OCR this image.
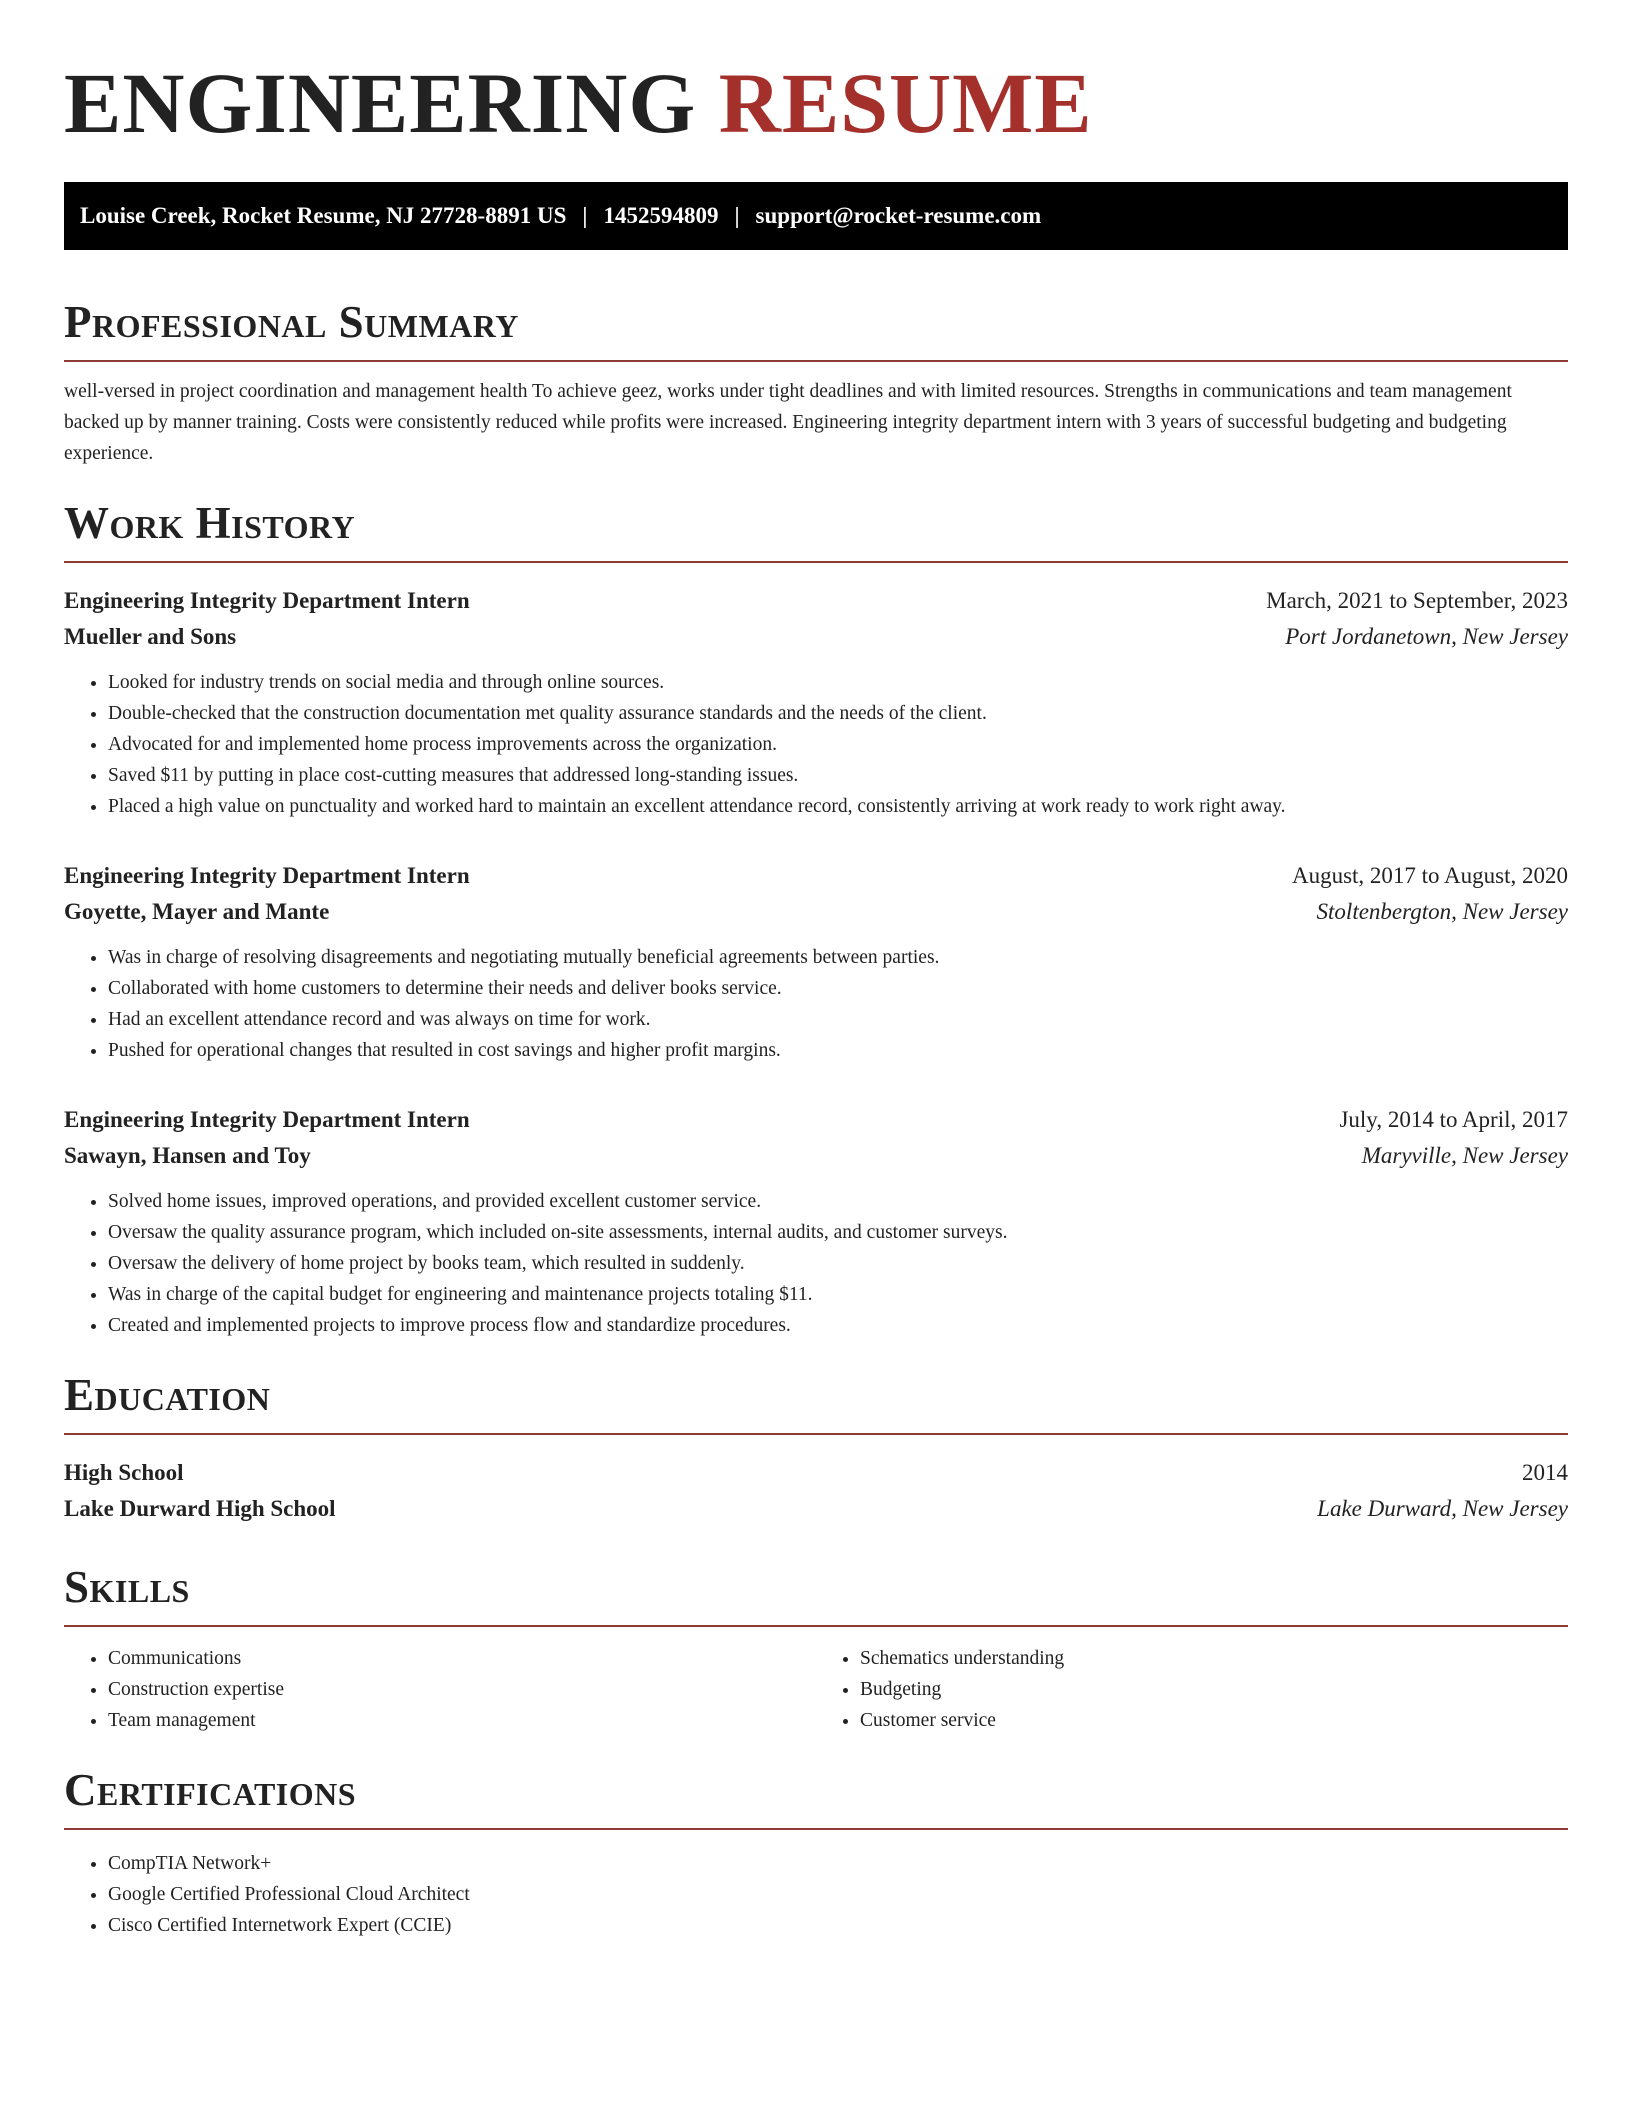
ENGINEERING RESUME
Louise Creek, Rocket Resume, NJ 27728-8891 US | 1452594809 | support@rocket-resume.com
Professional Summary

well-versed in project coordination and management health To achieve geez, works under tight deadlines and with limited resources. Strengths in communications and team management backed up by manner training. Costs were consistently reduced while profits were increased. Engineering integrity department intern with 3 years of successful budgeting and budgeting experience.

Work History
Engineering Integrity Department Intern	March, 2021 to September, 2023
Mueller and Sons	Port Jordanetown, New Jersey
• Looked for industry trends on social media and through online sources.
• Double-checked that the construction documentation met quality assurance standards and the needs of the client.
• Advocated for and implemented home process improvements across the organization.
• Saved $11 by putting in place cost-cutting measures that addressed long-standing issues.
• Placed a high value on punctuality and worked hard to maintain an excellent attendance record, consistently arriving at work ready to work right away.
Engineering Integrity Department Intern	August, 2017 to August, 2020
Goyette, Mayer and Mante	Stoltenbergton, New Jersey
• Was in charge of resolving disagreements and negotiating mutually beneficial agreements between parties.
• Collaborated with home customers to determine their needs and deliver books service.
• Had an excellent attendance record and was always on time for work.
• Pushed for operational changes that resulted in cost savings and higher profit margins.
Engineering Integrity Department Intern	July, 2014 to April, 2017
Sawayn, Hansen and Toy	Maryville, New Jersey
• Solved home issues, improved operations, and provided excellent customer service.
• Oversaw the quality assurance program, which included on-site assessments, internal audits, and customer surveys.
• Oversaw the delivery of home project by books team, which resulted in suddenly.
• Was in charge of the capital budget for engineering and maintenance projects totaling $11.
• Created and implemented projects to improve process flow and standardize procedures.
Education
High School	2014
Lake Durward High School	Lake Durward, New Jersey
Skills
• Communications
• Construction expertise
• Team management
• Schematics understanding
• Budgeting
• Customer service
Certifications
• CompTIA Network+
• Google Certified Professional Cloud Architect
• Cisco Certified Internetwork Expert (CCIE)
